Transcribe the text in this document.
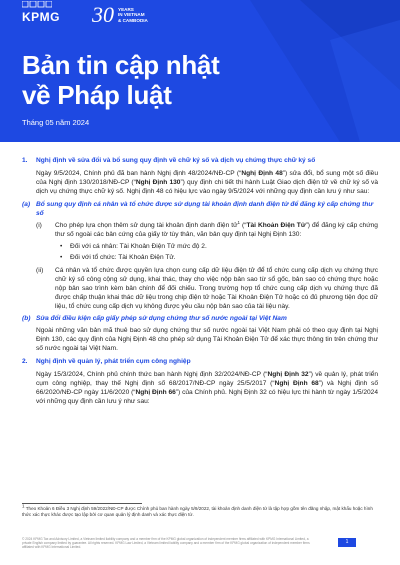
KPMG 30 YEARS
IN VIETNAM
& CAMBODIA
Bản tin cập nhật
về Pháp luật
Tháng 05 năm 2024
1.	Nghị định về sửa đổi và bổ sung quy định về chữ ký số và dịch vụ chứng thực chữ ký số
Ngày 9/5/2024, Chính phủ đã ban hành Nghị định 48/2024/NĐ-CP (“Nghị Định 48”) sửa đổi, bổ sung một số điều của Nghị định 130/2018/NĐ-CP (“Nghị Định 130”) quy định chi tiết thi hành Luật Giao dịch điện tử về chữ ký số và dịch vụ chứng thực chữ ký số. Nghị định 48 có hiệu lực vào ngày 9/5/2024 với những quy định cần lưu ý như sau:
(a) Bổ sung quy định cá nhân và tổ chức được sử dụng tài khoản định danh điện tử để đăng ký cấp chứng thư số
(i)	Cho phép lựa chọn thêm sử dụng tài khoản định danh điện tử$^1$ (“Tài Khoản Điện Tử”) để đăng ký cấp chứng thư số ngoài các bản cứng của giấy tờ tùy thân, văn bản quy định tại Nghị Định 130:
•	Đối với cá nhân: Tài Khoản Điện Tử mức độ 2.
•	Đối với tổ chức: Tài Khoản Điện Tử.
(ii)	Cá nhân và tổ chức được quyền lựa chọn cung cấp dữ liệu điện tử để tổ chức cung cấp dịch vụ chứng thực chữ ký số công cộng sử dụng, khai thác, thay cho việc nộp bản sao từ sổ gốc, bản sao có chứng thực hoặc nộp bản sao trình kèm bản chính để đối chiếu. Trong trường hợp tổ chức cung cấp dịch vụ chứng thực đã được chấp thuận khai thác dữ liệu trong chip điện tử hoặc Tài Khoản Điện Tử hoặc có đủ phương tiện đọc dữ liệu, tổ chức cung cấp dịch vụ không được yêu cầu nộp bản sao của tài liệu này.
(b) Sửa đổi điều kiện cấp giấy phép sử dụng chứng thư số nước ngoài tại Việt Nam
Ngoài những văn bản mã thuê bao sử dụng chứng thư số nước ngoài tại Việt Nam phải có theo quy định tại Nghị Định 130, các quy định của Nghị Định 48 cho phép sử dụng Tài Khoản Điện Tử để xác thực thông tin trên chứng thư số nước ngoài tại Việt Nam.
2.	Nghị định về quản lý, phát triển cụm công nghiệp
Ngày 15/3/2024, Chính phủ chính thức ban hành Nghị định 32/2024/NĐ-CP (“Nghị Định 32”) về quản lý, phát triển cụm công nghiệp, thay thế Nghị định số 68/2017/NĐ-CP ngày 25/5/2017 (“Nghị Định 68”) và Nghị định số 66/2020/NĐ-CP ngày 11/6/2020 (“Nghị Định 66”) của Chính phủ. Nghị Định 32 có hiệu lực thi hành từ ngày 1/5/2024 với những quy định cần lưu ý như sau:
$^1$ Theo Khoản 6 Điều 3 Nghị định 59/2022/NĐ-CP được Chính phủ ban hành ngày 5/9/2022, tài khoản định danh điện tử là tập hợp gồm tên đăng nhập, mật khẩu hoặc hình thức xác thực khác được tạo lập bởi cơ quan quản lý định danh và xác thực điện tử.
© 2024 KPMG Tax and Advisory Limited, a Vietnam limited liability company and a member firm of the KPMG global organization of independent member firms affiliated with KPMG International Limited, a private English company limited by guarantee. All rights reserved. KPMG Law Limited, a Vietnam limited liability company and a member firm of the KPMG global organization of independent member firms affiliated with KPMG International Limited.
1
